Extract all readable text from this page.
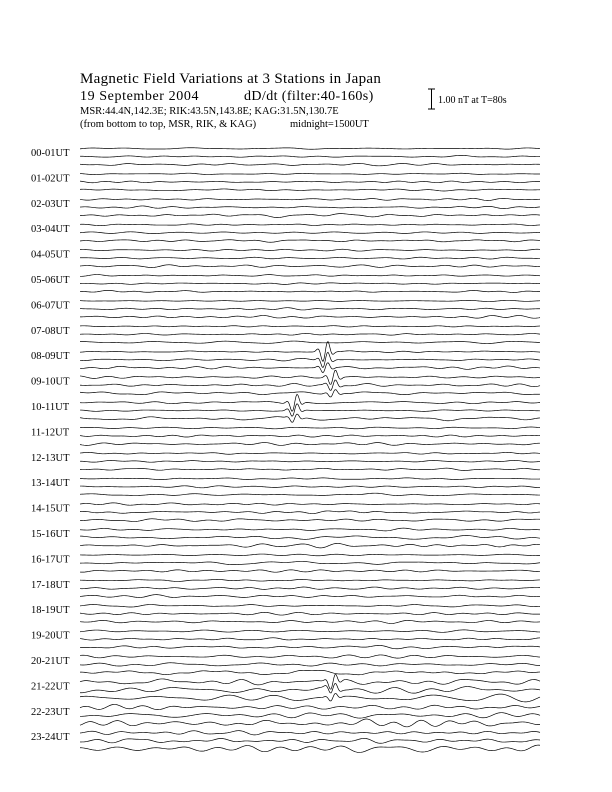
Magnetic Field Variations at 3 Stations in Japan
19 September 2004	dD/dt (filter:40-160s)
MSR:44.4N,142.3E; RIK:43.5N,143.8E; KAG:31.5N,130.7E
(from bottom to top, MSR, RIK, & KAG)	midnight=1500UT
1.00 nT at T=80s
00-01UT
01-02UT
02-03UT
03-04UT
04-05UT
05-06UT
06-07UT
07-08UT
08-09UT
09-10UT
10-11UT
11-12UT
12-13UT
13-14UT
14-15UT
15-16UT
16-17UT
17-18UT
18-19UT
19-20UT
20-21UT
21-22UT
22-23UT
23-24UT
